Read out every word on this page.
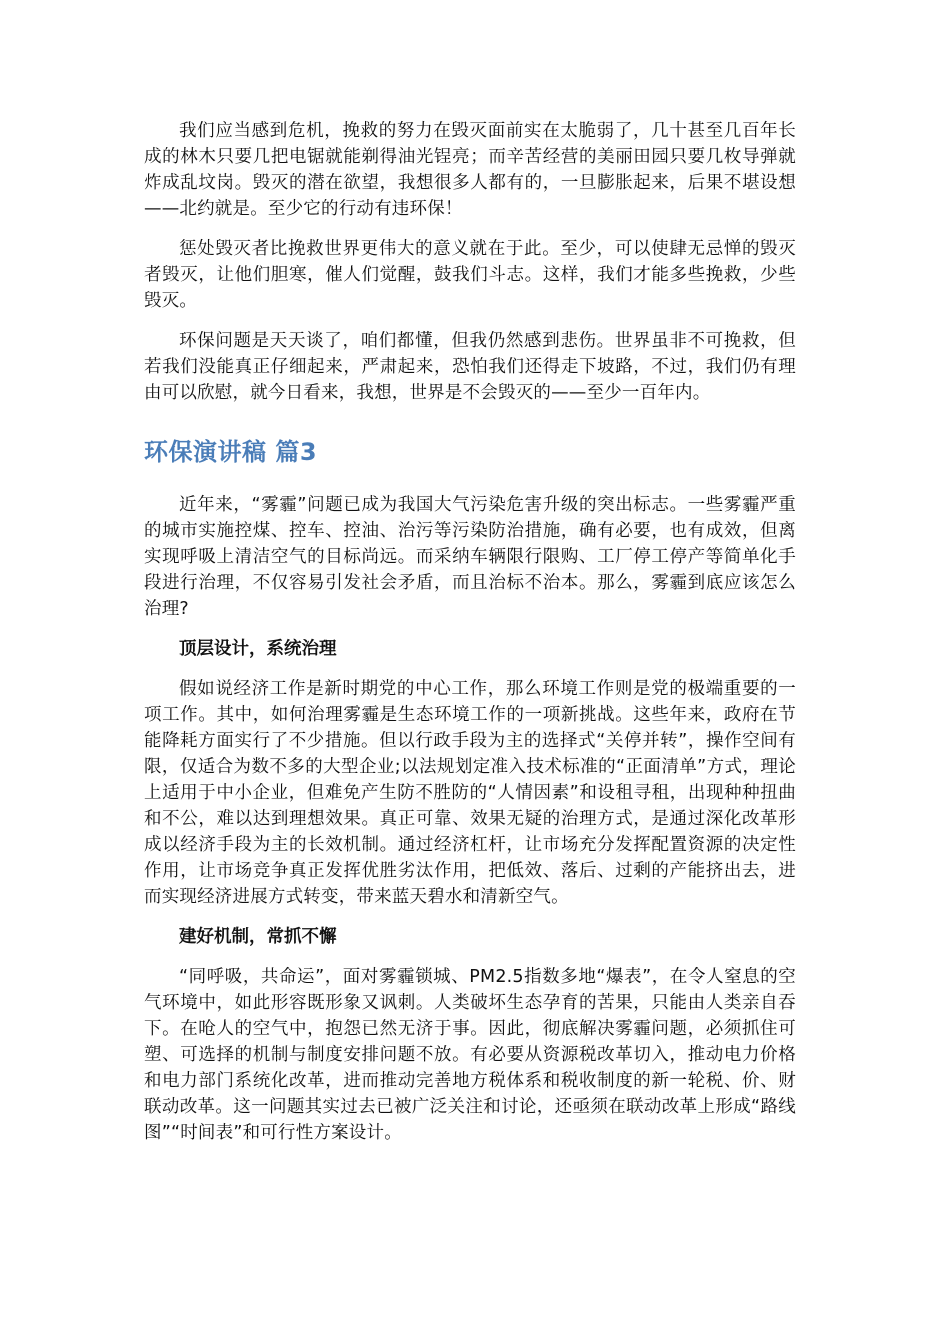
我们应当感到危机，挽救的努力在毁灭面前实在太脆弱了，几十甚至几百年长成的林木只要几把电锯就能剃得油光锃亮；而辛苦经营的美丽田园只要几枚导弹就炸成乱坟岗。毁灭的潜在欲望，我想很多人都有的，一旦膨胀起来，后果不堪设想——北约就是。至少它的行动有违环保！

惩处毁灭者比挽救世界更伟大的意义就在于此。至少，可以使肆无忌惮的毁灭者毁灭，让他们胆寒，催人们觉醒，鼓我们斗志。这样，我们才能多些挽救，少些毁灭。

环保问题是天天谈了，咱们都懂，但我仍然感到悲伤。世界虽非不可挽救，但若我们没能真正仔细起来，严肃起来，恐怕我们还得走下坡路，不过，我们仍有理由可以欣慰，就今日看来，我想，世界是不会毁灭的——至少一百年内。

环保演讲稿 篇3

近年来，“雾霾”问题已成为我国大气污染危害升级的突出标志。一些雾霾严重的城市实施控煤、控车、控油、治污等污染防治措施，确有必要，也有成效，但离实现呼吸上清洁空气的目标尚远。而采纳车辆限行限购、工厂停工停产等简单化手段进行治理，不仅容易引发社会矛盾，而且治标不治本。那么，雾霾到底应该怎么治理?

顶层设计，系统治理

假如说经济工作是新时期党的中心工作，那么环境工作则是党的极端重要的一项工作。其中，如何治理雾霾是生态环境工作的一项新挑战。这些年来，政府在节能降耗方面实行了不少措施。但以行政手段为主的选择式“关停并转”，操作空间有限，仅适合为数不多的大型企业;以法规划定准入技术标准的“正面清单”方式，理论上适用于中小企业，但难免产生防不胜防的“人情因素”和设租寻租，出现种种扭曲和不公，难以达到理想效果。真正可靠、效果无疑的治理方式，是通过深化改革形成以经济手段为主的长效机制。通过经济杠杆，让市场充分发挥配置资源的决定性作用，让市场竞争真正发挥优胜劣汰作用，把低效、落后、过剩的产能挤出去，进而实现经济进展方式转变，带来蓝天碧水和清新空气。

建好机制，常抓不懈

“同呼吸，共命运”，面对雾霾锁城、PM2.5指数多地“爆表”，在令人窒息的空气环境中，如此形容既形象又讽刺。人类破坏生态孕育的苦果，只能由人类亲自吞下。在呛人的空气中，抱怨已然无济于事。因此，彻底解决雾霾问题，必须抓住可塑、可选择的机制与制度安排问题不放。有必要从资源税改革切入，推动电力价格和电力部门系统化改革，进而推动完善地方税体系和税收制度的新一轮税、价、财联动改革。这一问题其实过去已被广泛关注和讨论，还亟须在联动改革上形成“路线图”“时间表”和可行性方案设计。
